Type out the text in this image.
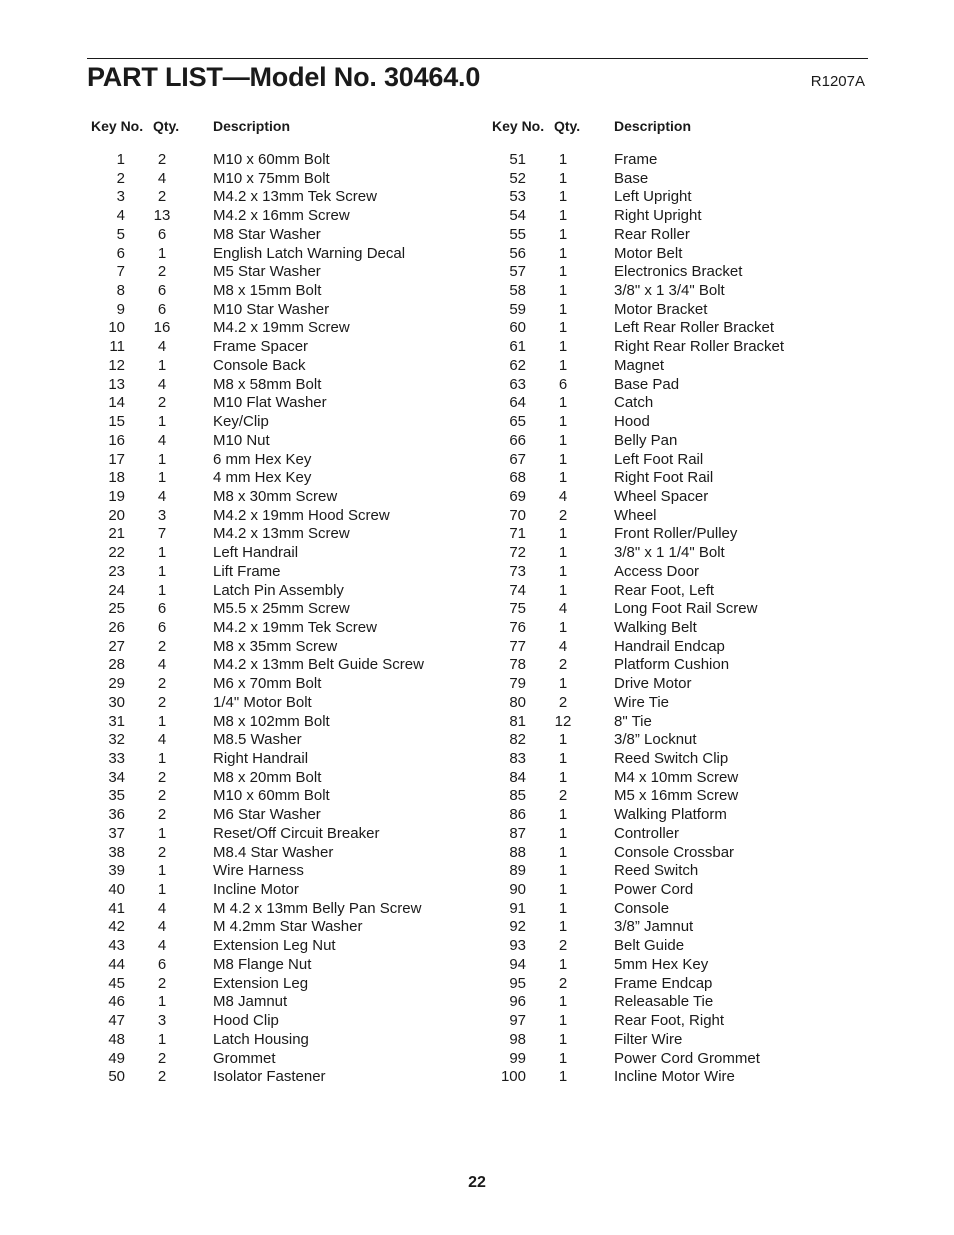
PART LIST—Model No. 30464.0	R1207A
Key No. Qty. Description
1	2	M10 x 60mm Bolt
2	4	M10 x 75mm Bolt
3	2	M4.2 x 13mm Tek Screw
4	13	M4.2 x 16mm Screw
5	6	M8 Star Washer
6	1	English Latch Warning Decal
7	2	M5 Star Washer
8	6	M8 x 15mm Bolt
9	6	M10 Star Washer
10	16	M4.2 x 19mm Screw
11	4	Frame Spacer
12	1	Console Back
13	4	M8 x 58mm Bolt
14	2	M10 Flat Washer
15	1	Key/Clip
16	4	M10 Nut
17	1	6 mm Hex Key
18	1	4 mm Hex Key
19	4	M8 x 30mm Screw
20	3	M4.2 x 19mm Hood Screw
21	7	M4.2 x 13mm Screw
22	1	Left Handrail
23	1	Lift Frame
24	1	Latch Pin Assembly
25	6	M5.5 x 25mm Screw
26	6	M4.2 x 19mm Tek Screw
27	2	M8 x 35mm Screw
28	4	M4.2 x 13mm Belt Guide Screw
29	2	M6 x 70mm Bolt
30	2	1/4" Motor Bolt
31	1	M8 x 102mm Bolt
32	4	M8.5 Washer
33	1	Right Handrail
34	2	M8 x 20mm Bolt
35	2	M10 x 60mm Bolt
36	2	M6 Star Washer
37	1	Reset/Off Circuit Breaker
38	2	M8.4 Star Washer
39	1	Wire Harness
40	1	Incline Motor
41	4	M 4.2 x 13mm Belly Pan Screw
42	4	M 4.2mm Star Washer
43	4	Extension Leg Nut
44	6	M8 Flange Nut
45	2	Extension Leg
46	1	M8 Jamnut
47	3	Hood Clip
48	1	Latch Housing
49	2	Grommet
50	2	Isolator Fastener
Key No. Qty. Description
51	1	Frame
52	1	Base
53	1	Left Upright
54	1	Right Upright
55	1	Rear Roller
56	1	Motor Belt
57	1	Electronics Bracket
58	1	3/8" x 1 3/4" Bolt
59	1	Motor Bracket
60	1	Left Rear Roller Bracket
61	1	Right Rear Roller Bracket
62	1	Magnet
63	6	Base Pad
64	1	Catch
65	1	Hood
66	1	Belly Pan
67	1	Left Foot Rail
68	1	Right Foot Rail
69	4	Wheel Spacer
70	2	Wheel
71	1	Front Roller/Pulley
72	1	3/8" x 1 1/4" Bolt
73	1	Access Door
74	1	Rear Foot, Left
75	4	Long Foot Rail Screw
76	1	Walking Belt
77	4	Handrail Endcap
78	2	Platform Cushion
79	1	Drive Motor
80	2	Wire Tie
81	12	8" Tie
82	1	3/8” Locknut
83	1	Reed Switch Clip
84	1	M4 x 10mm Screw
85	2	M5 x 16mm Screw
86	1	Walking Platform
87	1	Controller
88	1	Console Crossbar
89	1	Reed Switch
90	1	Power Cord
91	1	Console
92	1	3/8” Jamnut
93	2	Belt Guide
94	1	5mm Hex Key
95	2	Frame Endcap
96	1	Releasable Tie
97	1	Rear Foot, Right
98	1	Filter Wire
99	1	Power Cord Grommet
100	1	Incline Motor Wire
22
